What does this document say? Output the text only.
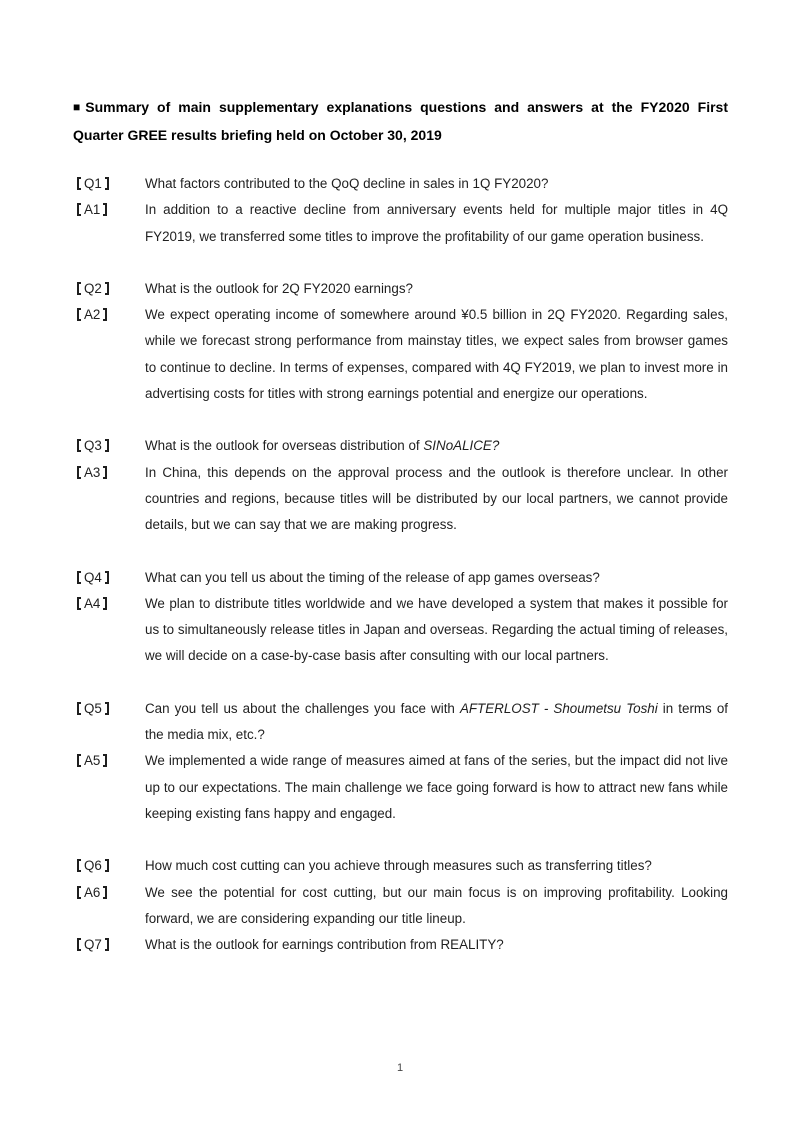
■ Summary of main supplementary explanations questions and answers at the FY2020 First Quarter GREE results briefing held on October 30, 2019

Q1	What factors contributed to the QoQ decline in sales in 1Q FY2020?
A1	In addition to a reactive decline from anniversary events held for multiple major titles in 4Q FY2019, we transferred some titles to improve the profitability of our game operation business.
Q2	What is the outlook for 2Q FY2020 earnings?
A2	We expect operating income of somewhere around ¥0.5 billion in 2Q FY2020. Regarding sales, while we forecast strong performance from mainstay titles, we expect sales from browser games to continue to decline. In terms of expenses, compared with 4Q FY2019, we plan to invest more in advertising costs for titles with strong earnings potential and energize our operations.
Q3	What is the outlook for overseas distribution of SINoALICE?
A3	In China, this depends on the approval process and the outlook is therefore unclear. In other countries and regions, because titles will be distributed by our local partners, we cannot provide details, but we can say that we are making progress.
Q4	What can you tell us about the timing of the release of app games overseas?
A4	We plan to distribute titles worldwide and we have developed a system that makes it possible for us to simultaneously release titles in Japan and overseas. Regarding the actual timing of releases, we will decide on a case-by-case basis after consulting with our local partners.
Q5	Can you tell us about the challenges you face with AFTERLOST - Shoumetsu Toshi in terms of the media mix, etc.?
A5	We implemented a wide range of measures aimed at fans of the series, but the impact did not live up to our expectations. The main challenge we face going forward is how to attract new fans while keeping existing fans happy and engaged.
Q6	How much cost cutting can you achieve through measures such as transferring titles?
A6	We see the potential for cost cutting, but our main focus is on improving profitability. Looking forward, we are considering expanding our title lineup.
Q7	What is the outlook for earnings contribution from REALITY?
1
